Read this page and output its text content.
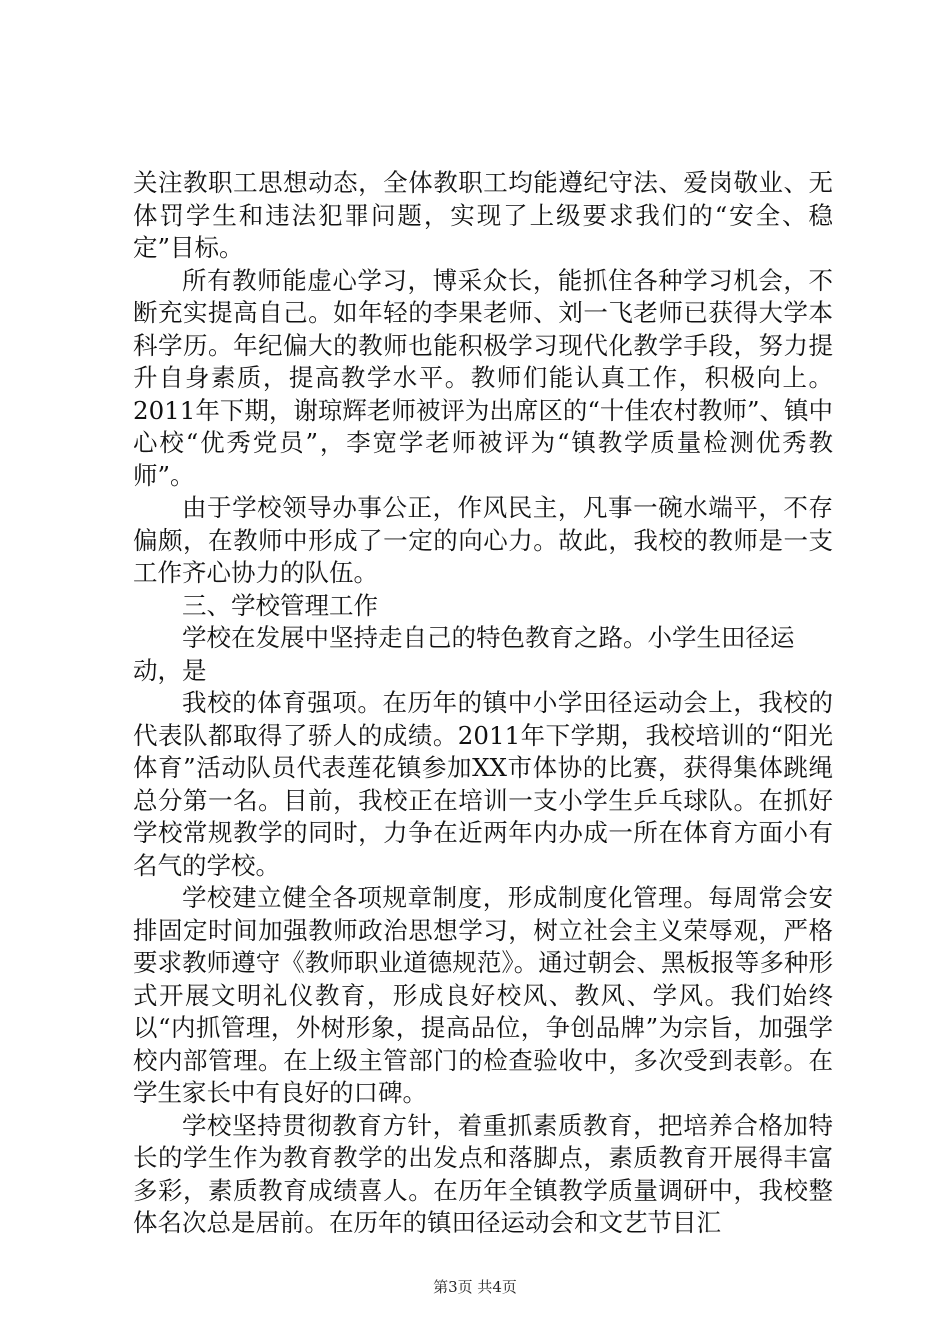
关注教职工思想动态，全体教职工均能遵纪守法、爱岗敬业、无体罚学生和违法犯罪问题，实现了上级要求我们的“安全、稳定”目标。

所有教师能虚心学习，博采众长，能抓住各种学习机会，不断充实提高自己。如年轻的李果老师、刘一飞老师已获得大学本科学历。年纪偏大的教师也能积极学习现代化教学手段，努力提升自身素质，提高教学水平。教师们能认真工作，积极向上。2011年下期，谢琼辉老师被评为出席区的“十佳农村教师”、镇中心校“优秀党员”，李宽学老师被评为“镇教学质量检测优秀教师”。

由于学校领导办事公正，作风民主，凡事一碗水端平，不存偏颇，在教师中形成了一定的向心力。故此，我校的教师是一支工作齐心协力的队伍。

三、学校管理工作

学校在发展中坚持走自己的特色教育之路。小学生田径运动，是

我校的体育强项。在历年的镇中小学田径运动会上，我校的代表队都取得了骄人的成绩。2011年下学期，我校培训的“阳光体育”活动队员代表莲花镇参加XX市体协的比赛，获得集体跳绳总分第一名。目前，我校正在培训一支小学生乒乓球队。在抓好学校常规教学的同时，力争在近两年内办成一所在体育方面小有名气的学校。

学校建立健全各项规章制度，形成制度化管理。每周常会安排固定时间加强教师政治思想学习，树立社会主义荣辱观，严格要求教师遵守《教师职业道德规范》。通过朝会、黑板报等多种形式开展文明礼仪教育，形成良好校风、教风、学风。我们始终以“内抓管理，外树形象，提高品位，争创品牌”为宗旨，加强学校内部管理。在上级主管部门的检查验收中，多次受到表彰。在学生家长中有良好的口碑。

学校坚持贯彻教育方针，着重抓素质教育，把培养合格加特长的学生作为教育教学的出发点和落脚点，素质教育开展得丰富多彩，素质教育成绩喜人。在历年全镇教学质量调研中，我校整体名次总是居前。在历年的镇田径运动会和文艺节目汇

第3页 共4页
